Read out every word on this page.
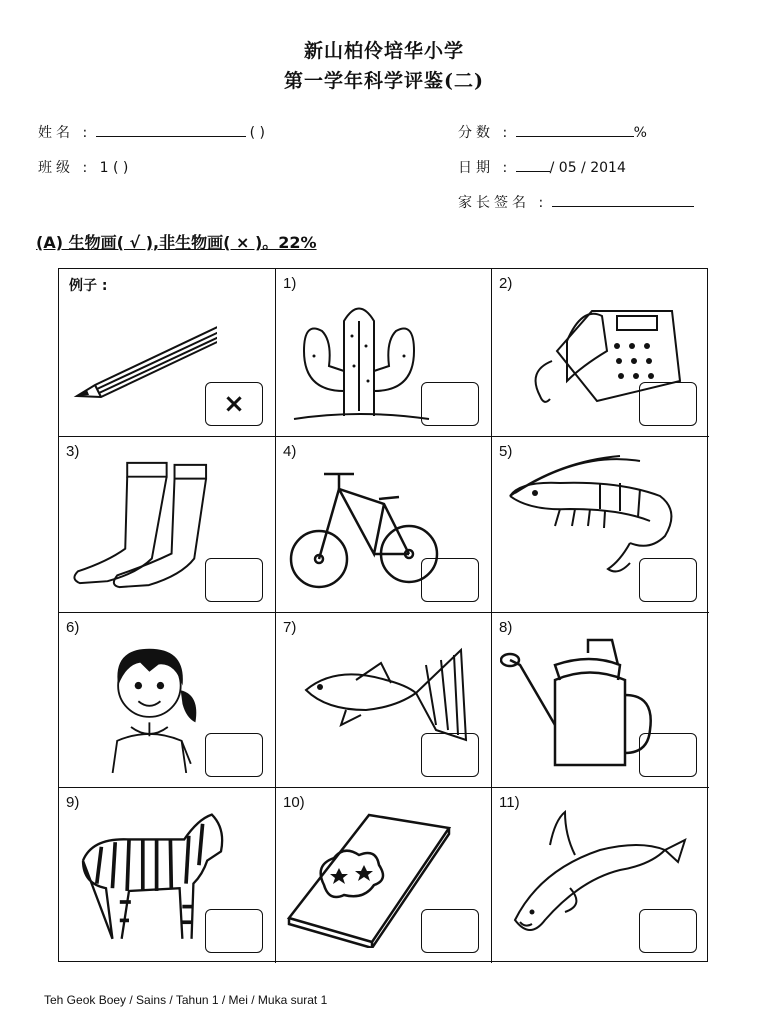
新山柏伶培华小学
第一学年科学评鉴(二)
姓名 :	( )
班级 : 1 ( )
分数 :	%
日期 :	/ 05 / 2014
家长签名 :
(A) 生物画( √ ),非生物画( × )。22%
例子 :
×
1)	2)
3)	4)	5)
6)	7)	8)
9)	10)	11)
Teh Geok Boey / Sains / Tahun 1 / Mei / Muka surat 1
